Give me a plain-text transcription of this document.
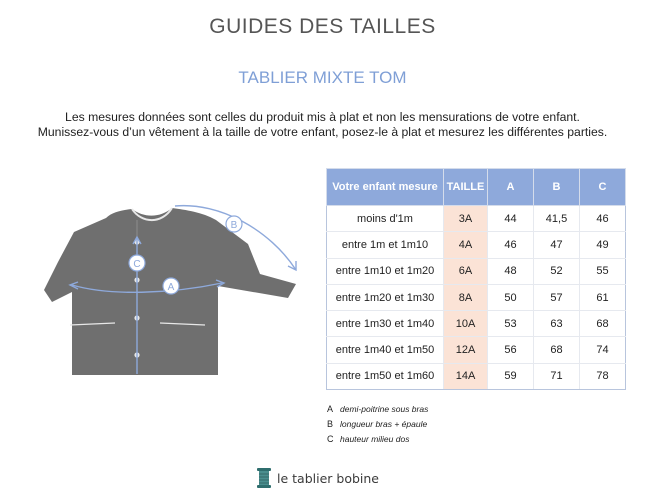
GUIDES DES TAILLES
TABLIER MIXTE TOM
Les mesures données sont celles du produit mis à plat et non les mensurations de votre enfant.
Munissez-vous d’un vêtement à la taille de votre enfant, posez-le à plat et mesurez les différentes parties.
A
B
C
Votre enfant mesure	TAILLE	A	B	C
moins d'1m	3A	44	41,5	46
entre 1m et 1m10	4A	46	47	49
entre 1m10 et 1m20	6A	48	52	55
entre 1m20 et 1m30	8A	50	57	61
entre 1m30 et 1m40	10A	53	63	68
entre 1m40 et 1m50	12A	56	68	74
entre 1m50 et 1m60	14A	59	71	78
A demi-poitrine sous bras
B longueur bras + épaule
C hauteur milieu dos
le tablier bobine
